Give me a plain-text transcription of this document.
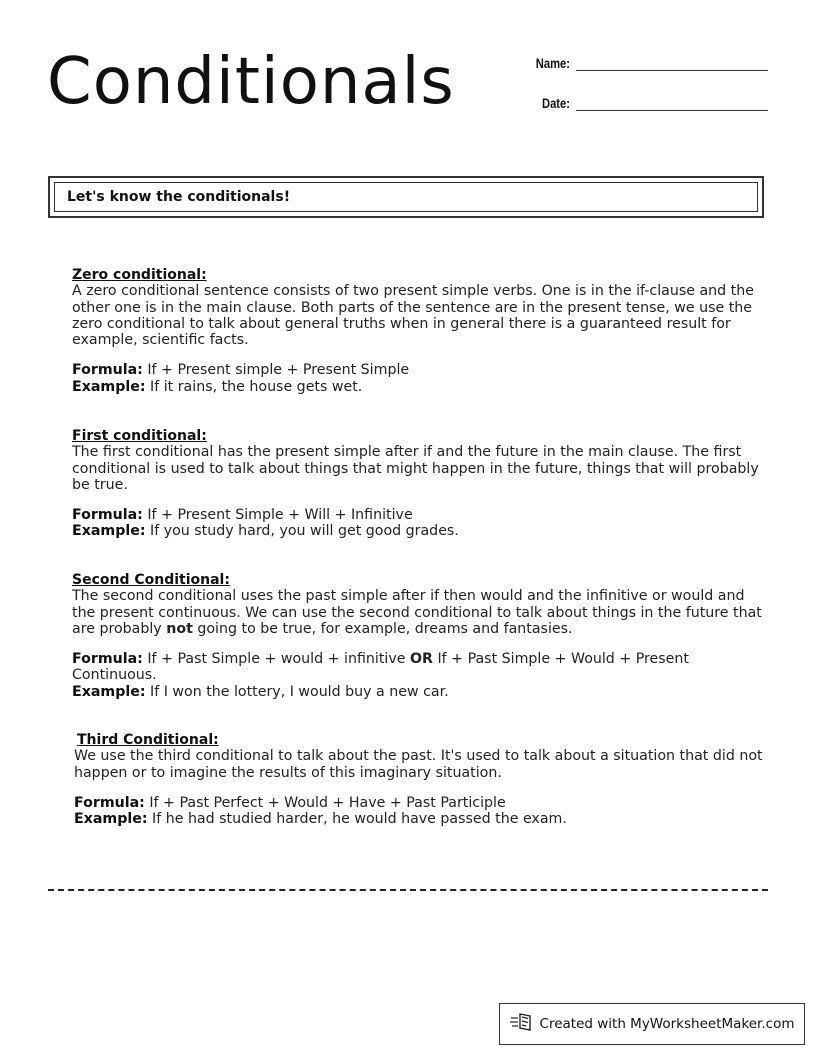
Conditionals	Name:
Date:
Let's know the conditionals!
Zero conditional:
A zero conditional sentence consists of two present simple verbs. One is in the if-clause and the other one is in the main clause. Both parts of the sentence are in the present tense, we use the zero conditional to talk about general truths when in general there is a guaranteed result for example, scientific facts.
Formula: If + Present simple + Present Simple
Example: If it rains, the house gets wet.
First conditional:
The first conditional has the present simple after if and the future in the main clause. The first conditional is used to talk about things that might happen in the future, things that will probably be true.
Formula: If + Present Simple + Will + Infinitive
Example: If you study hard, you will get good grades.
Second Conditional:
The second conditional uses the past simple after if then would and the infinitive or would and the present continuous. We can use the second conditional to talk about things in the future that are probably not going to be true, for example, dreams and fantasies.
Formula: If + Past Simple + would + infinitive OR If + Past Simple + Would + Present Continuous.
Example: If I won the lottery, I would buy a new car.
Third Conditional:
We use the third conditional to talk about the past. It's used to talk about a situation that did not happen or to imagine the results of this imaginary situation.
Formula: If + Past Perfect + Would + Have + Past Participle
Example: If he had studied harder, he would have passed the exam.
Created with MyWorksheetMaker.com
